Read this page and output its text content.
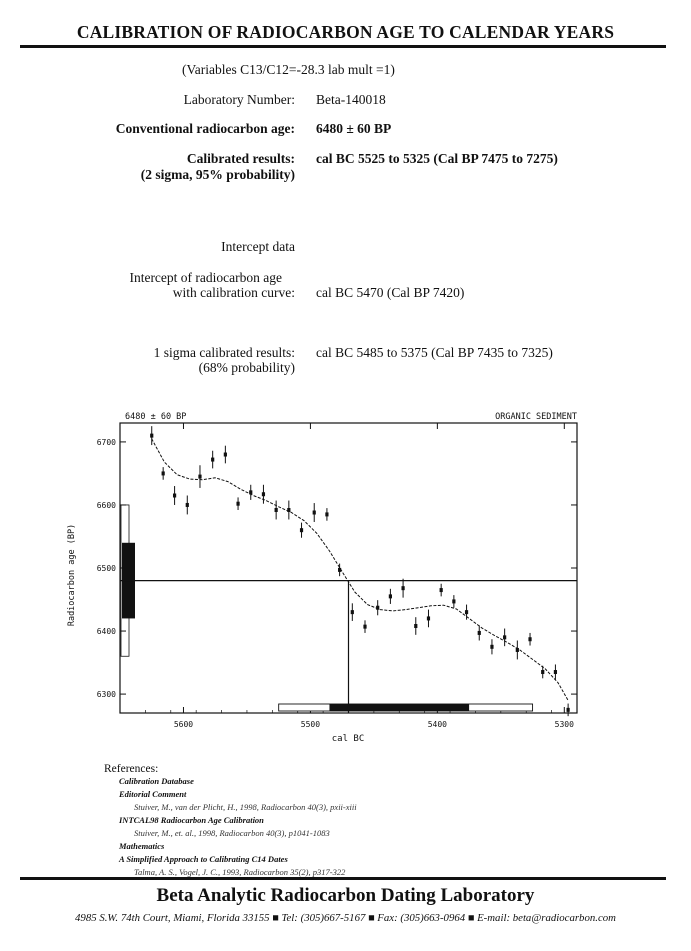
CALIBRATION OF RADIOCARBON AGE TO CALENDAR YEARS
(Variables C13/C12=-28.3 lab mult =1)
Laboratory Number: Beta-140018
Conventional radiocarbon age: 6480 ± 60 BP
Calibrated results:
(2 sigma, 95% probability)
cal BC 5525 to 5325 (Cal BP 7475 to 7275)
Intercept data
Intercept of radiocarbon age
with calibration curve: cal BC 5470 (Cal BP 7420)
1 sigma calibrated results:
(68% probability)
cal BC 5485 to 5375 (Cal BP 7435 to 7325)
6480 ± 60 BP	ORGANIC SEDIMENT
6700
6600
6500
6400
6300
5600	5500	5400	5300
cal BC
Radiocarbon age (BP)
References:
Calibration Database
Editorial Comment
Stuiver, M., van der Plicht, H., 1998, Radiocarbon 40(3), pxii-xiii
INTCAL98 Radiocarbon Age Calibration
Stuiver, M., et. al., 1998, Radiocarbon 40(3), p1041-1083
Mathematics
A Simplified Approach to Calibrating C14 Dates
Talma, A. S., Vogel, J. C., 1993, Radiocarbon 35(2), p317-322
Beta Analytic Radiocarbon Dating Laboratory
4985 S.W. 74th Court, Miami, Florida 33155 ■ Tel: (305)667-5167 ■ Fax: (305)663-0964 ■ E-mail: beta@radiocarbon.com
